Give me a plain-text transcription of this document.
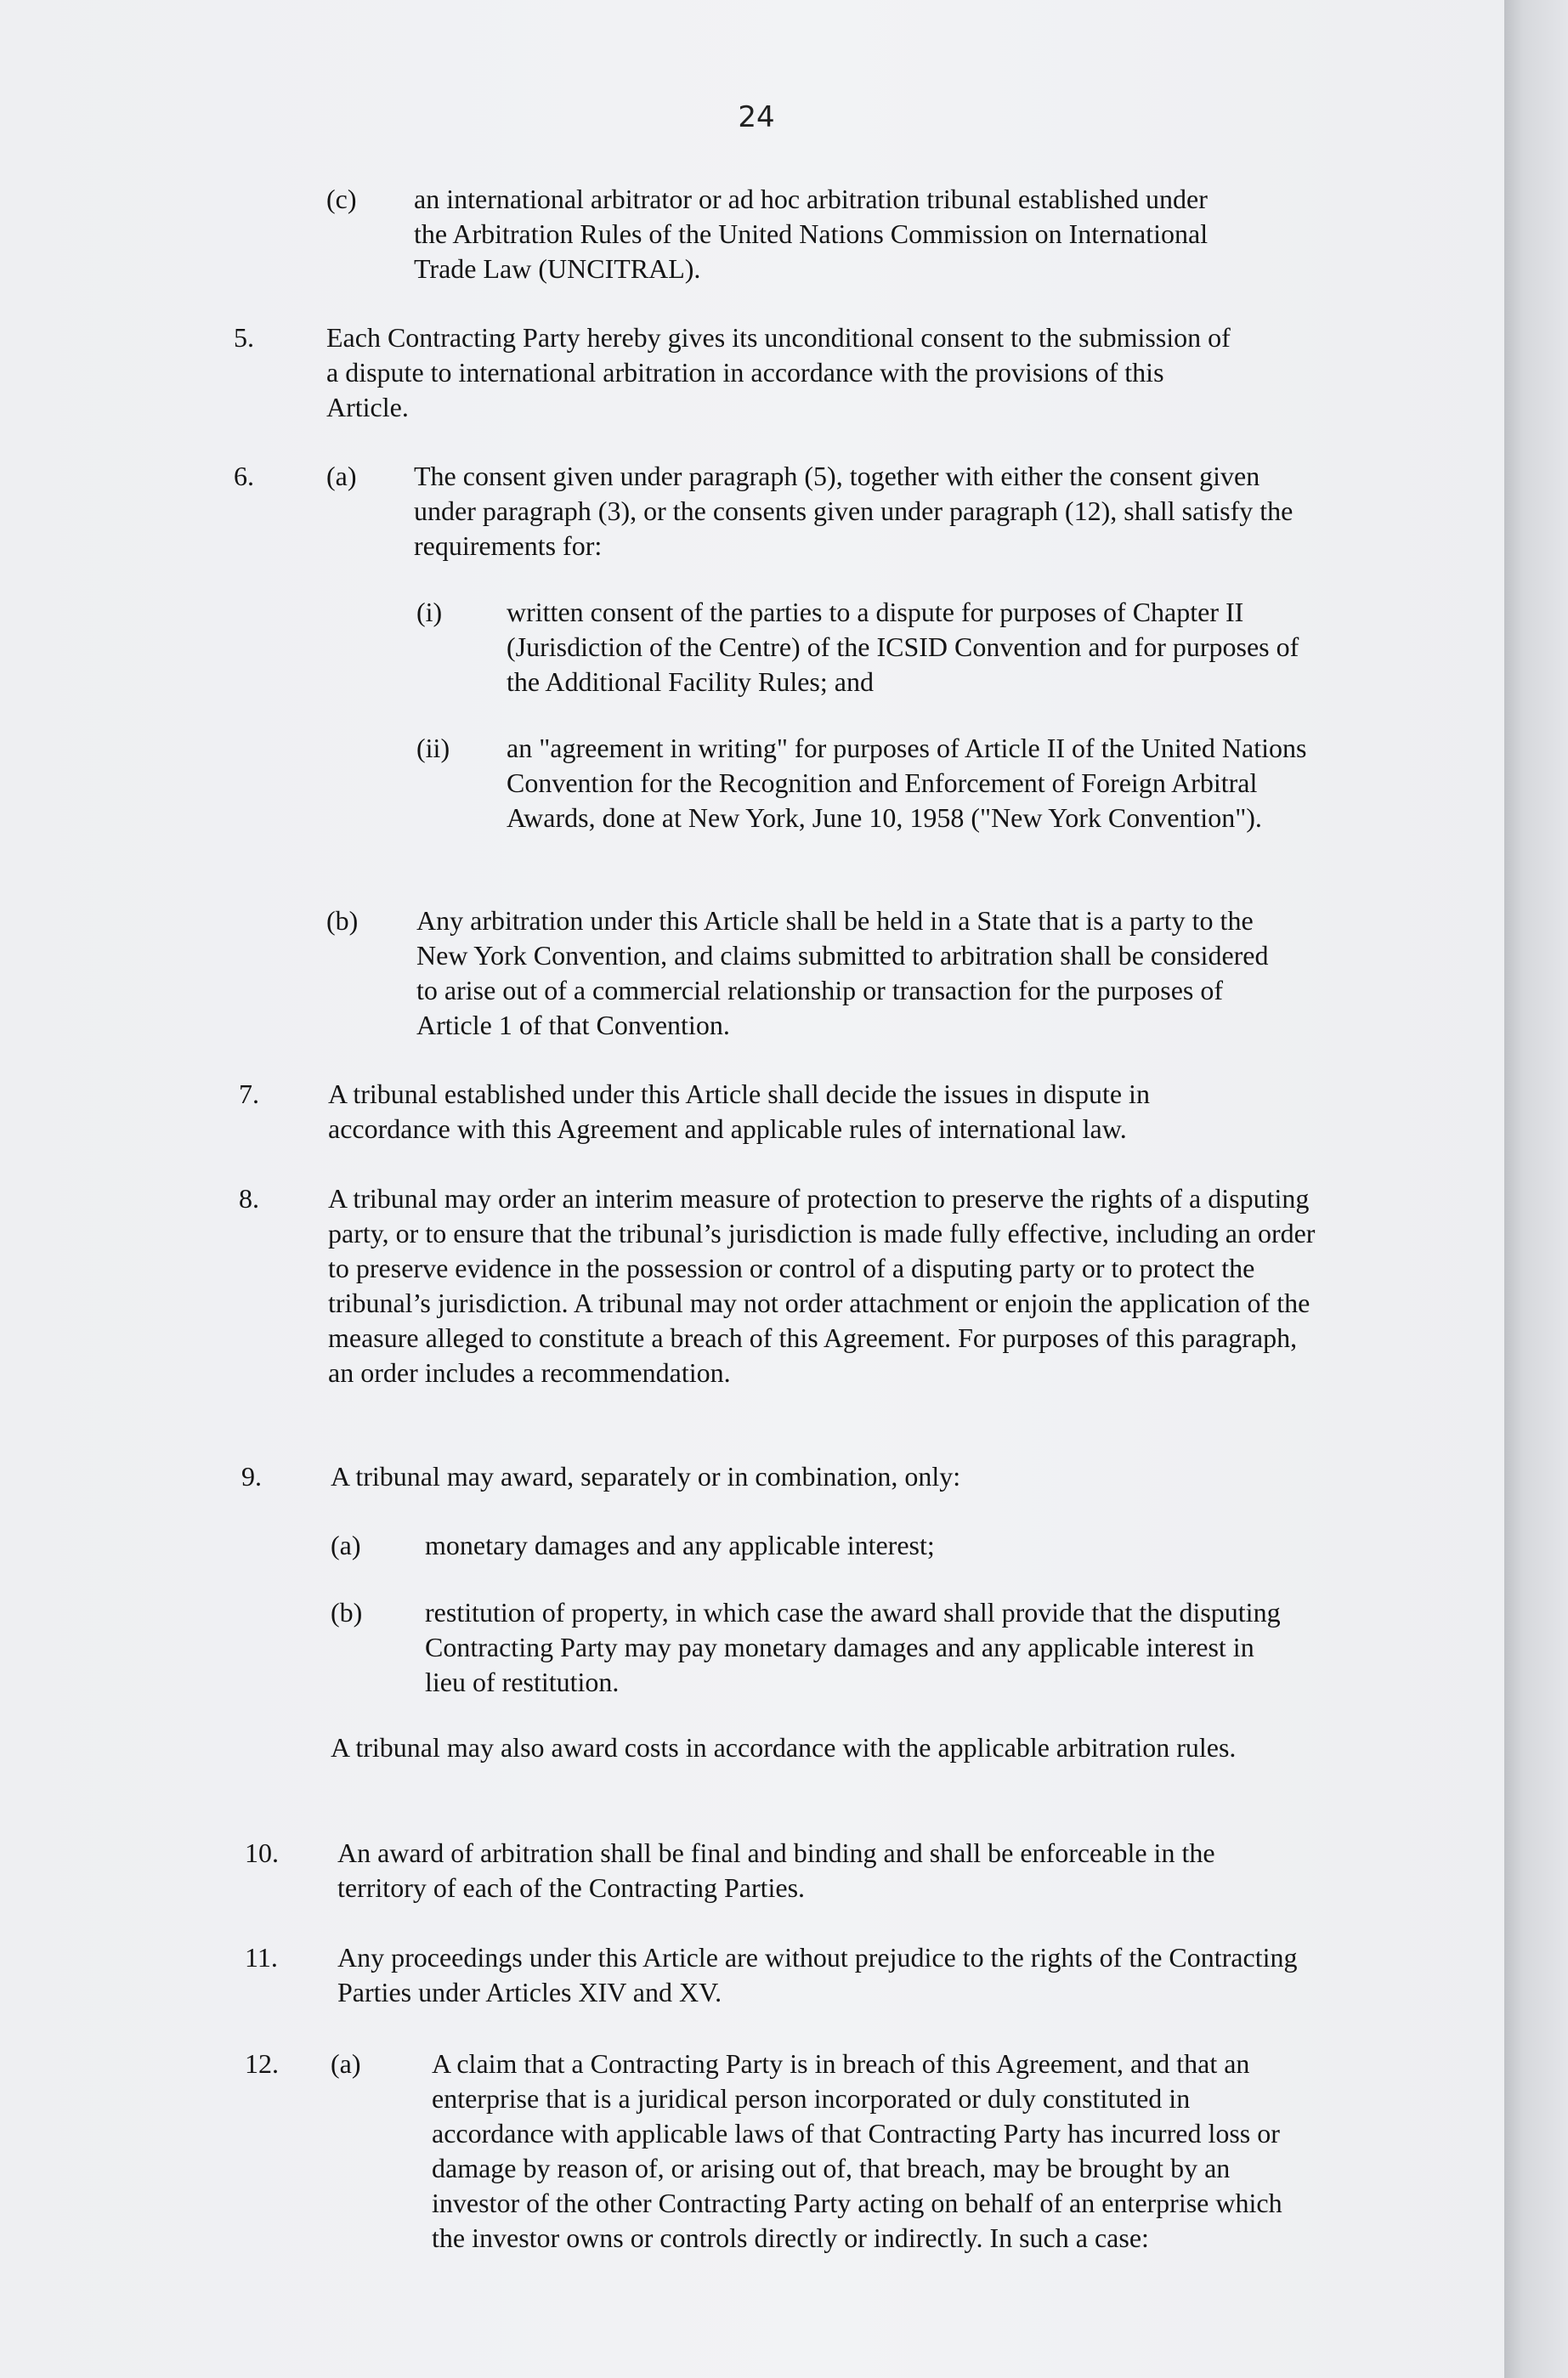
24
(c) an international arbitrator or ad hoc arbitration tribunal established under the Arbitration Rules of the United Nations Commission on International Trade Law (UNCITRAL).
5.	Each Contracting Party hereby gives its unconditional consent to the submission of a dispute to international arbitration in accordance with the provisions of this Article.
6.	(a) The consent given under paragraph (5), together with either the consent given under paragraph (3), or the consents given under paragraph (12), shall satisfy the requirements for:
(i) written consent of the parties to a dispute for purposes of Chapter II (Jurisdiction of the Centre) of the ICSID Convention and for purposes of the Additional Facility Rules; and
(ii) an "agreement in writing" for purposes of Article II of the United Nations Convention for the Recognition and Enforcement of Foreign Arbitral Awards, done at New York, June 10, 1958 ("New York Convention").
(b) Any arbitration under this Article shall be held in a State that is a party to the New York Convention, and claims submitted to arbitration shall be considered to arise out of a commercial relationship or transaction for the purposes of Article 1 of that Convention.
7.	A tribunal established under this Article shall decide the issues in dispute in accordance with this Agreement and applicable rules of international law.
8.	A tribunal may order an interim measure of protection to preserve the rights of a disputing party, or to ensure that the tribunal’s jurisdiction is made fully effective, including an order to preserve evidence in the possession or control of a disputing party or to protect the tribunal’s jurisdiction. A tribunal may not order attachment or enjoin the application of the measure alleged to constitute a breach of this Agreement. For purposes of this paragraph, an order includes a recommendation.
9.	A tribunal may award, separately or in combination, only:
(a) monetary damages and any applicable interest;
(b) restitution of property, in which case the award shall provide that the disputing Contracting Party may pay monetary damages and any applicable interest in lieu of restitution.
A tribunal may also award costs in accordance with the applicable arbitration rules.
10. An award of arbitration shall be final and binding and shall be enforceable in the territory of each of the Contracting Parties.
11. Any proceedings under this Article are without prejudice to the rights of the Contracting Parties under Articles XIV and XV.
12. (a)	A claim that a Contracting Party is in breach of this Agreement, and that an enterprise that is a juridical person incorporated or duly constituted in accordance with applicable laws of that Contracting Party has incurred loss or damage by reason of, or arising out of, that breach, may be brought by an investor of the other Contracting Party acting on behalf of an enterprise which the investor owns or controls directly or indirectly. In such a case:
